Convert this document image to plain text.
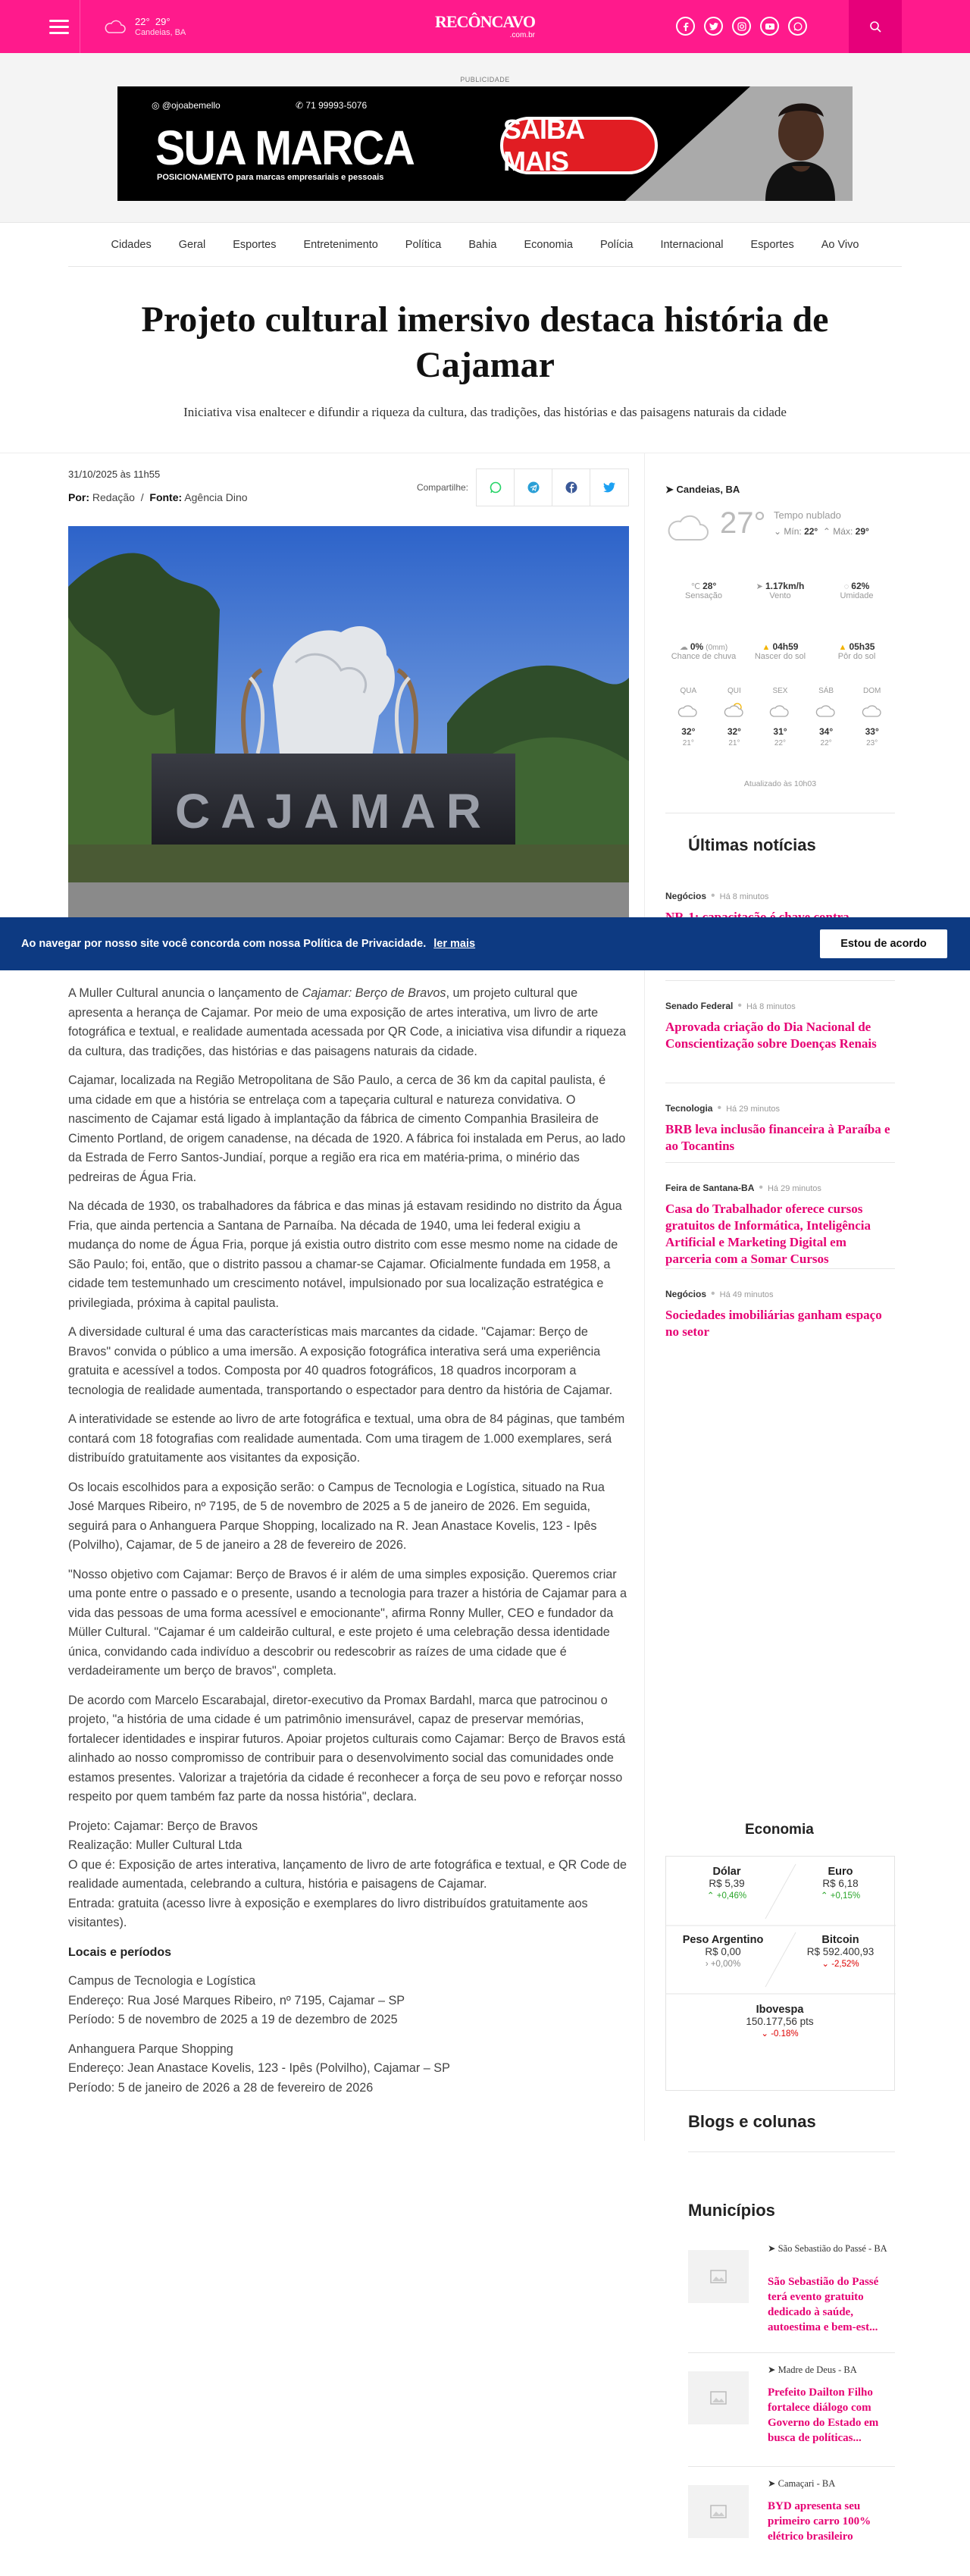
22° 29°
Candeias, BA
RECÔNCAVO
.com.br
PUBLICIDADE
◎ @ojoabemello	✆ 71 99993-5076
SUA MARCA
POSICIONAMENTO para marcas empresariais e pessoais
SAIBA MAIS
Cidades	Geral	Esportes	Entretenimento	Política	Bahia	Economia	Polícia	Internacional	Esportes	Ao Vivo
Projeto cultural imersivo destaca história de Cajamar
Iniciativa visa enaltecer e difundir a riqueza da cultura, das tradições, das histórias e das paisagens naturais da cidade
31/10/2025 às 11h55
Por: Redação  /  Fonte: Agência Dino
Compartilhe:
CAJAMAR

A Muller Cultural anuncia o lançamento de Cajamar: Berço de Bravos, um projeto cultural que apresenta a herança de Cajamar. Por meio de uma exposição de artes interativa, um livro de arte fotográfica e textual, e realidade aumentada acessada por QR Code, a iniciativa visa difundir a riqueza da cultura, das tradições, das histórias e das paisagens naturais da cidade.

Cajamar, localizada na Região Metropolitana de São Paulo, a cerca de 36 km da capital paulista, é uma cidade em que a história se entrelaça com a tapeçaria cultural e natureza convidativa. O nascimento de Cajamar está ligado à implantação da fábrica de cimento Companhia Brasileira de Cimento Portland, de origem canadense, na década de 1920. A fábrica foi instalada em Perus, ao lado da Estrada de Ferro Santos-Jundiaí, porque a região era rica em matéria-prima, o minério das pedreiras de Água Fria.

Na década de 1930, os trabalhadores da fábrica e das minas já estavam residindo no distrito da Água Fria, que ainda pertencia a Santana de Parnaíba. Na década de 1940, uma lei federal exigiu a mudança do nome de Água Fria, porque já existia outro distrito com esse mesmo nome na cidade de São Paulo; foi, então, que o distrito passou a chamar-se Cajamar. Oficialmente fundada em 1958, a cidade tem testemunhado um crescimento notável, impulsionado por sua localização estratégica e privilegiada, próxima à capital paulista.

A diversidade cultural é uma das características mais marcantes da cidade. "Cajamar: Berço de Bravos" convida o público a uma imersão. A exposição fotográfica interativa será uma experiência gratuita e acessível a todos. Composta por 40 quadros fotográficos, 18 quadros incorporam a tecnologia de realidade aumentada, transportando o espectador para dentro da história de Cajamar.

A interatividade se estende ao livro de arte fotográfica e textual, uma obra de 84 páginas, que também contará com 18 fotografias com realidade aumentada. Com uma tiragem de 1.000 exemplares, será distribuído gratuitamente aos visitantes da exposição.

Os locais escolhidos para a exposição serão: o Campus de Tecnologia e Logística, situado na Rua José Marques Ribeiro, nº 7195, de 5 de novembro de 2025 a 5 de janeiro de 2026. Em seguida, seguirá para o Anhanguera Parque Shopping, localizado na R. Jean Anastace Kovelis, 123 - Ipês (Polvilho), Cajamar, de 5 de janeiro a 28 de fevereiro de 2026.

"Nosso objetivo com Cajamar: Berço de Bravos é ir além de uma simples exposição. Queremos criar uma ponte entre o passado e o presente, usando a tecnologia para trazer a história de Cajamar para a vida das pessoas de uma forma acessível e emocionante", afirma Ronny Muller, CEO e fundador da Müller Cultural. "Cajamar é um caldeirão cultural, e este projeto é uma celebração dessa identidade única, convidando cada indivíduo a descobrir ou redescobrir as raízes de uma cidade que é verdadeiramente um berço de bravos", completa.

De acordo com Marcelo Escarabajal, diretor-executivo da Promax Bardahl, marca que patrocinou o projeto, "a história de uma cidade é um patrimônio imensurável, capaz de preservar memórias, fortalecer identidades e inspirar futuros. Apoiar projetos culturais como Cajamar: Berço de Bravos está alinhado ao nosso compromisso de contribuir para o desenvolvimento social das comunidades onde estamos presentes. Valorizar a trajetória da cidade é reconhecer a força de seu povo e reforçar nosso respeito por quem também faz parte da nossa história", declara.

Projeto: Cajamar: Berço de Bravos
Realização: Muller Cultural Ltda
O que é: Exposição de artes interativa, lançamento de livro de arte fotográfica e textual, e QR Code de realidade aumentada, celebrando a cultura, história e paisagens de Cajamar.
Entrada: gratuita (acesso livre à exposição e exemplares do livro distribuídos gratuitamente aos visitantes).

Locais e períodos

Campus de Tecnologia e Logística
Endereço: Rua José Marques Ribeiro, nº 7195, Cajamar – SP
Período: 5 de novembro de 2025 a 19 de dezembro de 2025

Anhanguera Parque Shopping
Endereço: Jean Anastace Kovelis, 123 - Ipês (Polvilho), Cajamar – SP
Período: 5 de janeiro de 2026 a 28 de fevereiro de 2026

➤ Candeias, BA
27° Tempo nublado
⌄ Mín: 22°  ⌃ Máx: 29°
℃ 28°
Sensação
➤ 1.17km/h
Vento
◌ 62%
Umidade
☁ 0% (0mm)
Chance de chuva
▲ 04h59
Nascer do sol
▲ 05h35
Pôr do sol
QUA
32°
21°
QUI
32°
21°
SEX
31°
22°
SÁB
34°
22°
DOM
33°
23°
Atualizado às 10h03
Últimas notícias
Negócios • Há 8 minutos
Senado Federal • Há 8 minutos
Aprovada criação do Dia Nacional de Conscientização sobre Doenças Renais
Tecnologia • Há 29 minutos
BRB leva inclusão financeira à Paraíba e ao Tocantins
Feira de Santana-BA • Há 29 minutos
Casa do Trabalhador oferece cursos gratuitos de Informática, Inteligência Artificial e Marketing Digital em parceria com a Somar Cursos
Negócios • Há 49 minutos
Sociedades imobiliárias ganham espaço no setor
Economia
Dólar
R$ 5,39
⌃ +0,46%
Euro
R$ 6,18
⌃ +0,15%
Peso Argentino
R$ 0,00
› +0,00%
Bitcoin
R$ 592.400,93
⌄ -2,52%
Ibovespa
150.177,56 pts
⌄ -0.18%
Blogs e colunas
Municípios
➤ São Sebastião do Passé - BA
São Sebastião do Passé terá evento gratuito dedicado à saúde, autoestima e bem-est...
➤ Madre de Deus - BA
Prefeito Dailton Filho fortalece diálogo com Governo do Estado em busca de políticas...
➤ Camaçari - BA
BYD apresenta seu primeiro carro 100% elétrico brasileiro
Ao navegar por nosso site você concorda com nossa Política de Privacidade. ler mais	Estou de acordo
